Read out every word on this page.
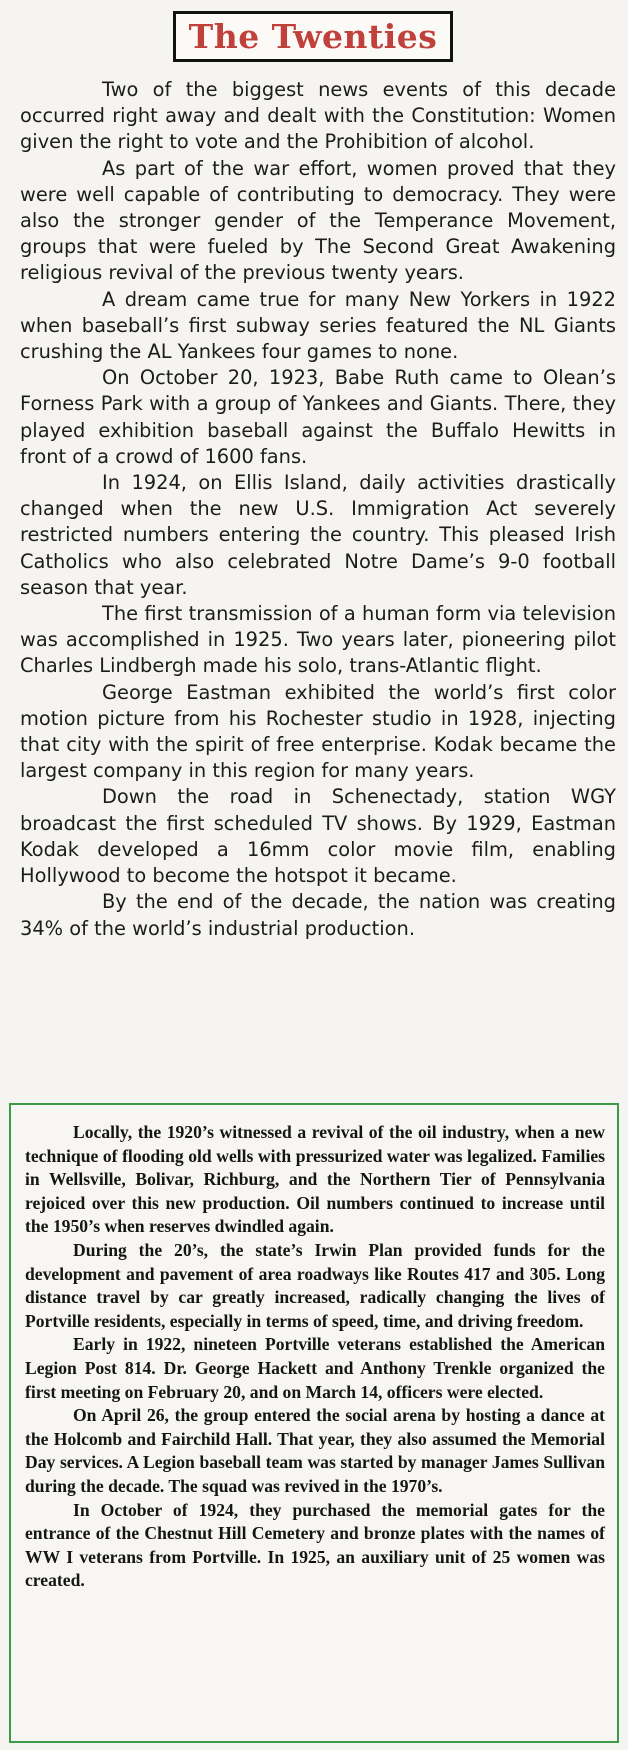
The Twenties

Two of the biggest news events of this decade occurred right away and dealt with the Constitution: Women given the right to vote and the Prohibition of alcohol.

As part of the war effort, women proved that they were well capable of contributing to democracy. They were also the stronger gender of the Temperance Movement, groups that were fueled by The Second Great Awakening religious revival of the previous twenty years.

A dream came true for many New Yorkers in 1922 when baseball’s first subway series featured the NL Giants crushing the AL Yankees four games to none.

On October 20, 1923, Babe Ruth came to Olean’s Forness Park with a group of Yankees and Giants. There, they played exhibition baseball against the Buffalo Hewitts in front of a crowd of 1600 fans.

In 1924, on Ellis Island, daily activities drastically changed when the new U.S. Immigration Act severely restricted numbers entering the country. This pleased Irish Catholics who also celebrated Notre Dame’s 9-0 football season that year.

The first transmission of a human form via television was accomplished in 1925. Two years later, pioneering pilot Charles Lindbergh made his solo, trans-Atlantic flight.

George Eastman exhibited the world’s first color motion picture from his Rochester studio in 1928, injecting that city with the spirit of free enterprise. Kodak became the largest company in this region for many years.

Down the road in Schenectady, station WGY broadcast the first scheduled TV shows. By 1929, Eastman Kodak developed a 16mm color movie film, enabling Hollywood to become the hotspot it became.

By the end of the decade, the nation was creating 34% of the world’s industrial production.

Locally, the 1920’s witnessed a revival of the oil industry, when a new technique of flooding old wells with pressurized water was legalized. Families in Wellsville, Bolivar, Richburg, and the Northern Tier of Pennsylvania rejoiced over this new production. Oil numbers continued to increase until the 1950’s when reserves dwindled again.

During the 20’s, the state’s Irwin Plan provided funds for the development and pavement of area roadways like Routes 417 and 305. Long distance travel by car greatly increased, radically changing the lives of Portville residents, especially in terms of speed, time, and driving freedom.

Early in 1922, nineteen Portville veterans established the American Legion Post 814. Dr. George Hackett and Anthony Trenkle organized the first meeting on February 20, and on March 14, officers were elected.

On April 26, the group entered the social arena by hosting a dance at the Holcomb and Fairchild Hall. That year, they also assumed the Memorial Day services. A Legion baseball team was started by manager James Sullivan during the decade. The squad was revived in the 1970’s.

In October of 1924, they purchased the memorial gates for the entrance of the Chestnut Hill Cemetery and bronze plates with the names of WW I veterans from Portville. In 1925, an auxiliary unit of 25 women was created.
